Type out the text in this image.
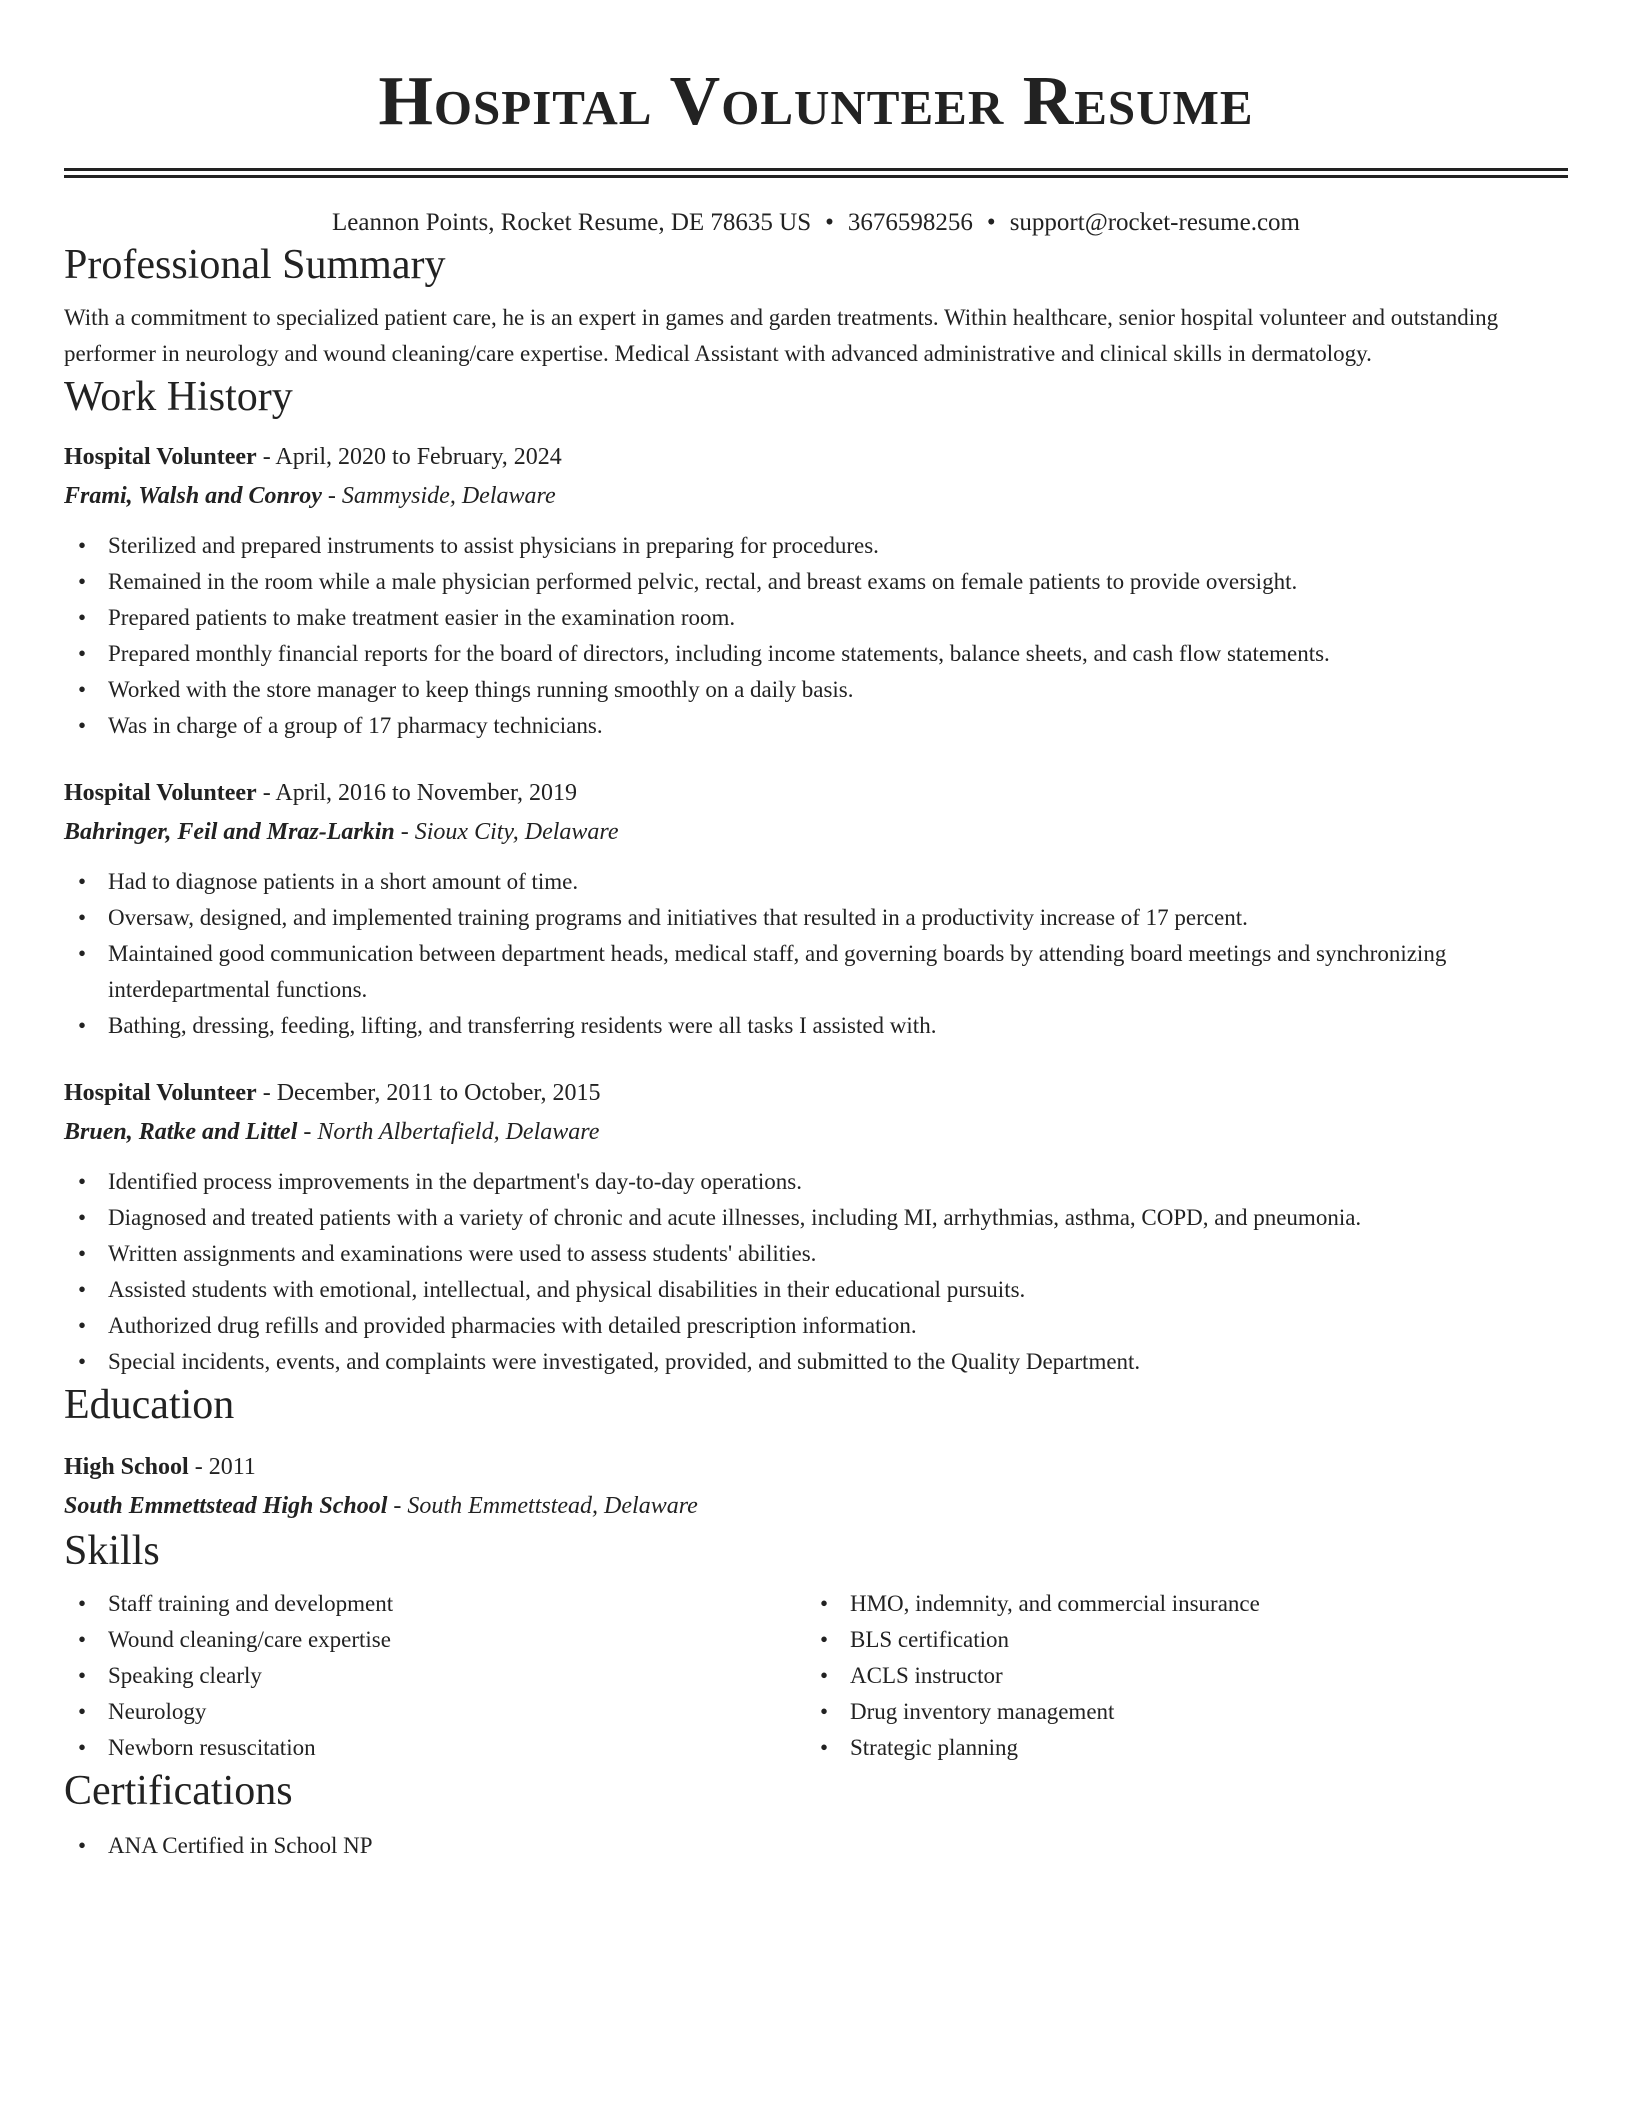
Hospital Volunteer Resume
Leannon Points, Rocket Resume, DE 78635 US • 3676598256 • support@rocket-resume.com
Professional Summary

With a commitment to specialized patient care, he is an expert in games and garden treatments. Within healthcare, senior hospital volunteer and outstanding performer in neurology and wound cleaning/care expertise. Medical Assistant with advanced administrative and clinical skills in dermatology.

Work History
Hospital Volunteer - April, 2020 to February, 2024
Frami, Walsh and Conroy - Sammyside, Delaware
• Sterilized and prepared instruments to assist physicians in preparing for procedures.
• Remained in the room while a male physician performed pelvic, rectal, and breast exams on female patients to provide oversight.
• Prepared patients to make treatment easier in the examination room.
• Prepared monthly financial reports for the board of directors, including income statements, balance sheets, and cash flow statements.
• Worked with the store manager to keep things running smoothly on a daily basis.
• Was in charge of a group of 17 pharmacy technicians.
Hospital Volunteer - April, 2016 to November, 2019
Bahringer, Feil and Mraz-Larkin - Sioux City, Delaware
• Had to diagnose patients in a short amount of time.
• Oversaw, designed, and implemented training programs and initiatives that resulted in a productivity increase of 17 percent.
• Maintained good communication between department heads, medical staff, and governing boards by attending board meetings and synchronizing interdepartmental functions.
• Bathing, dressing, feeding, lifting, and transferring residents were all tasks I assisted with.
Hospital Volunteer - December, 2011 to October, 2015
Bruen, Ratke and Littel - North Albertafield, Delaware
• Identified process improvements in the department's day-to-day operations.
• Diagnosed and treated patients with a variety of chronic and acute illnesses, including MI, arrhythmias, asthma, COPD, and pneumonia.
• Written assignments and examinations were used to assess students' abilities.
• Assisted students with emotional, intellectual, and physical disabilities in their educational pursuits.
• Authorized drug refills and provided pharmacies with detailed prescription information.
• Special incidents, events, and complaints were investigated, provided, and submitted to the Quality Department.
Education
High School - 2011
South Emmettstead High School - South Emmettstead, Delaware
Skills
• Staff training and development
• Wound cleaning/care expertise
• Speaking clearly
• Neurology
• Newborn resuscitation
• HMO, indemnity, and commercial insurance
• BLS certification
• ACLS instructor
• Drug inventory management
• Strategic planning
Certifications
• ANA Certified in School NP
